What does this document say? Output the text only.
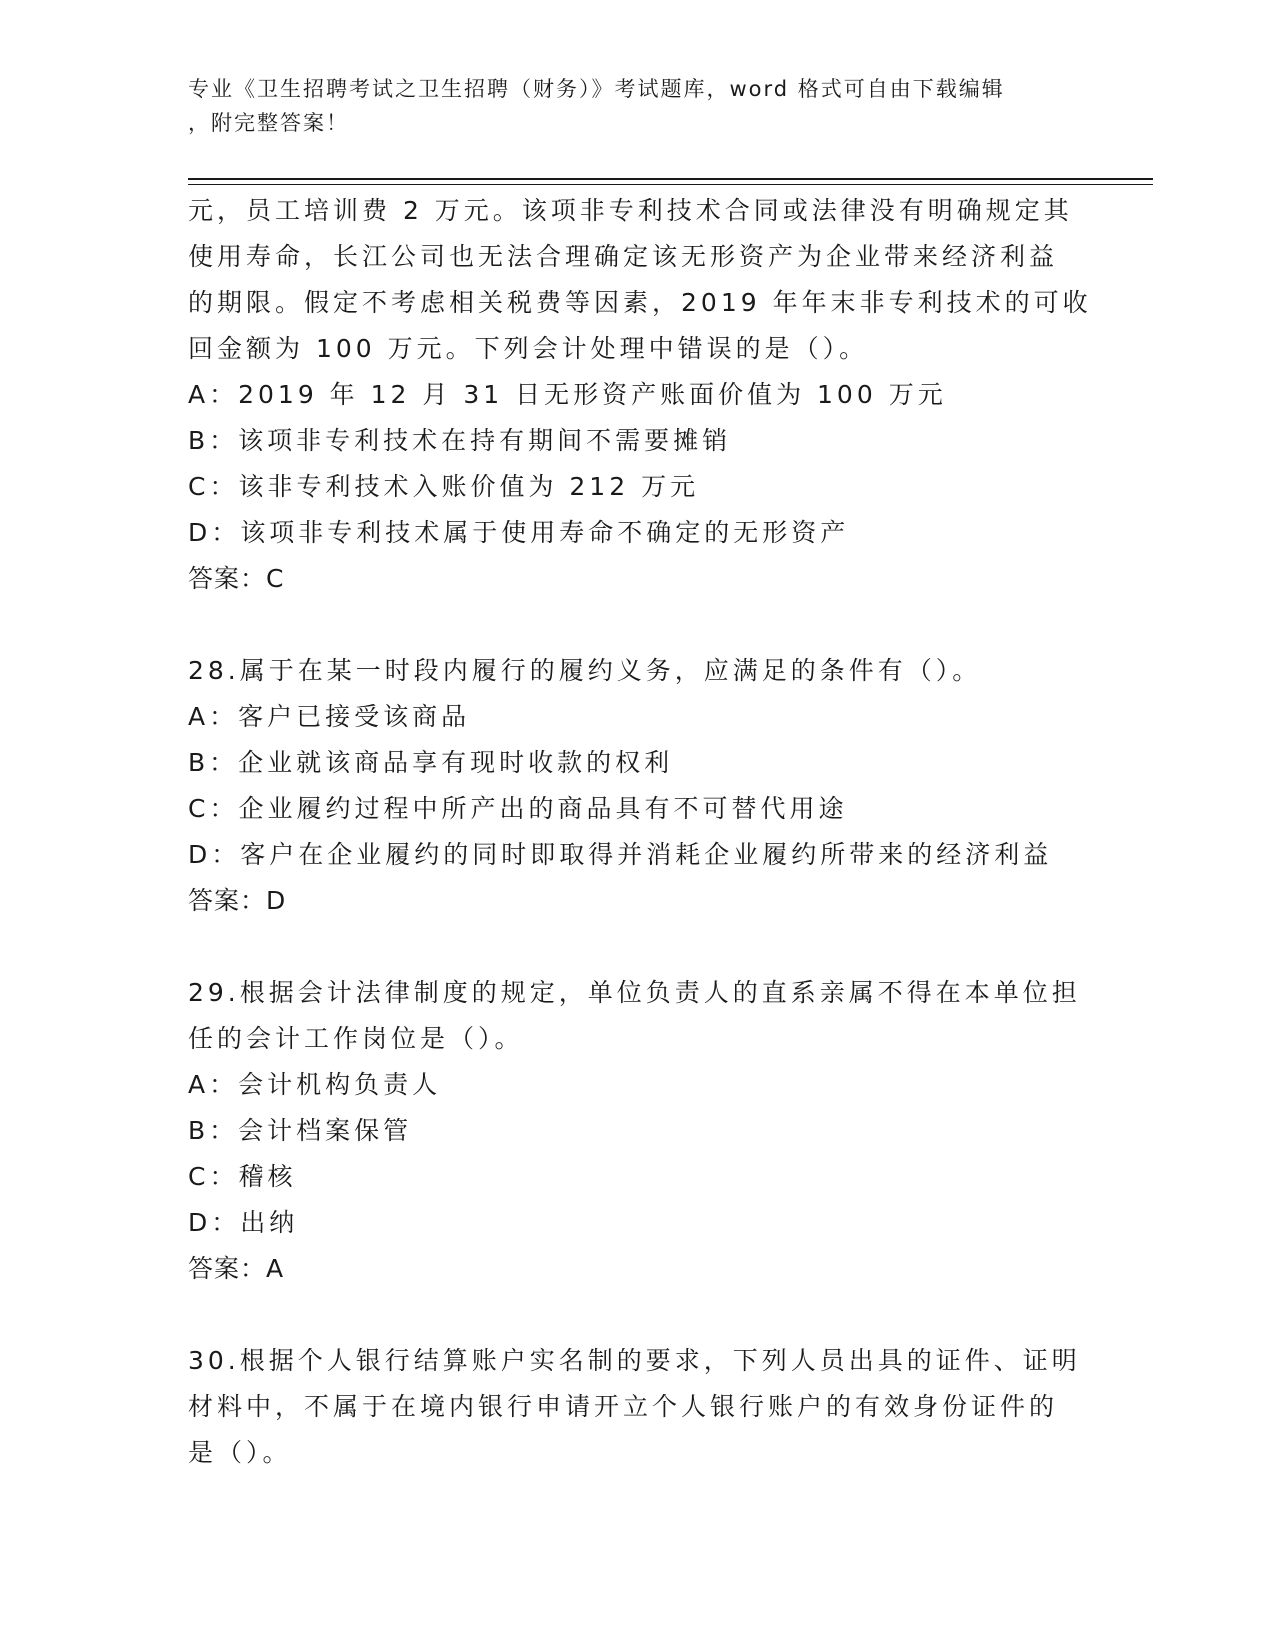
专业《卫生招聘考试之卫生招聘（财务）》考试题库，word 格式可自由下载编辑
，附完整答案！
元，员工培训费 2 万元。该项非专利技术合同或法律没有明确规定其
使用寿命，长江公司也无法合理确定该无形资产为企业带来经济利益
的期限。假定不考虑相关税费等因素，2019 年年末非专利技术的可收
回金额为 100 万元。下列会计处理中错误的是（）。
A：2019 年 12 月 31 日无形资产账面价值为 100 万元
B：该项非专利技术在持有期间不需要摊销
C：该非专利技术入账价值为 212 万元
D：该项非专利技术属于使用寿命不确定的无形资产
答案：C
28.属于在某一时段内履行的履约义务，应满足的条件有（）。
A：客户已接受该商品
B：企业就该商品享有现时收款的权利
C：企业履约过程中所产出的商品具有不可替代用途
D：客户在企业履约的同时即取得并消耗企业履约所带来的经济利益
答案：D
29.根据会计法律制度的规定，单位负责人的直系亲属不得在本单位担
任的会计工作岗位是（）。
A：会计机构负责人
B：会计档案保管
C：稽核
D：出纳
答案：A
30.根据个人银行结算账户实名制的要求，下列人员出具的证件、证明
材料中，不属于在境内银行申请开立个人银行账户的有效身份证件的
是（）。
